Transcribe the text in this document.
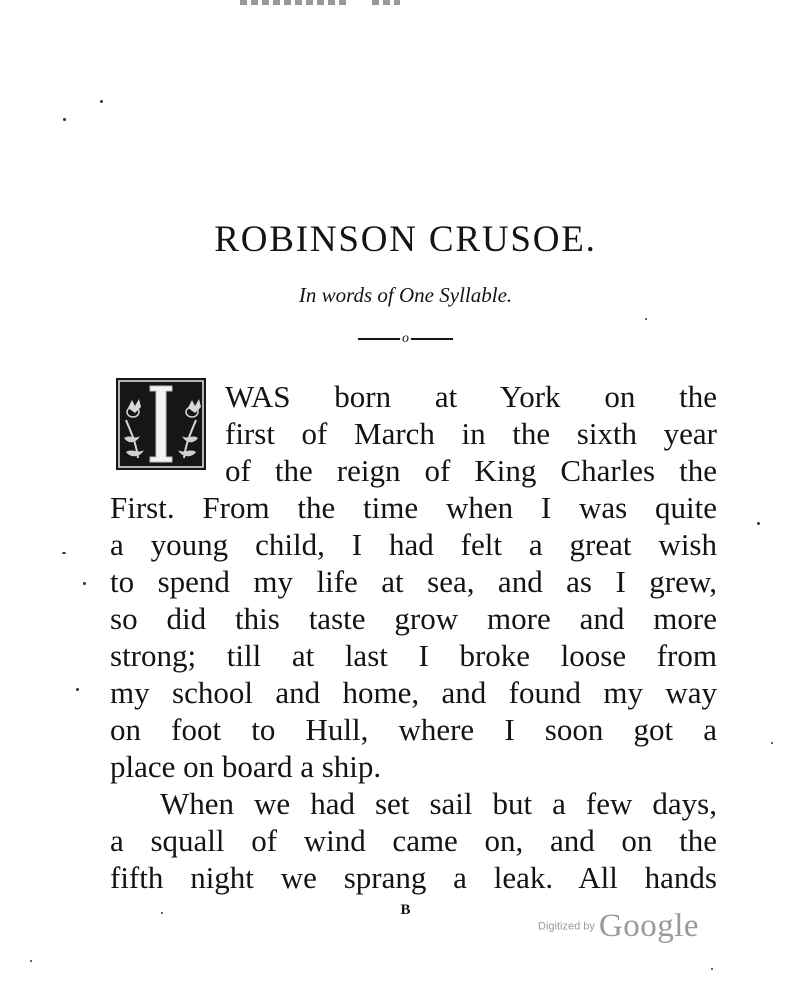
ROBINSON CRUSOE.
In words of One Syllable.
o
WAS born at York on the
first of March in the sixth year
of the reign of King Charles the
First. From the time when I was quite
a young child, I had felt a great wish
to spend my life at sea, and as I grew,
so did this taste grow more and more
strong; till at last I broke loose from
my school and home, and found my way
on foot to Hull, where I soon got a
place on board a ship.
When we had set sail but a few days,
a squall of wind came on, and on the
fifth night we sprang a leak. All hands
B
Digitized by Google
